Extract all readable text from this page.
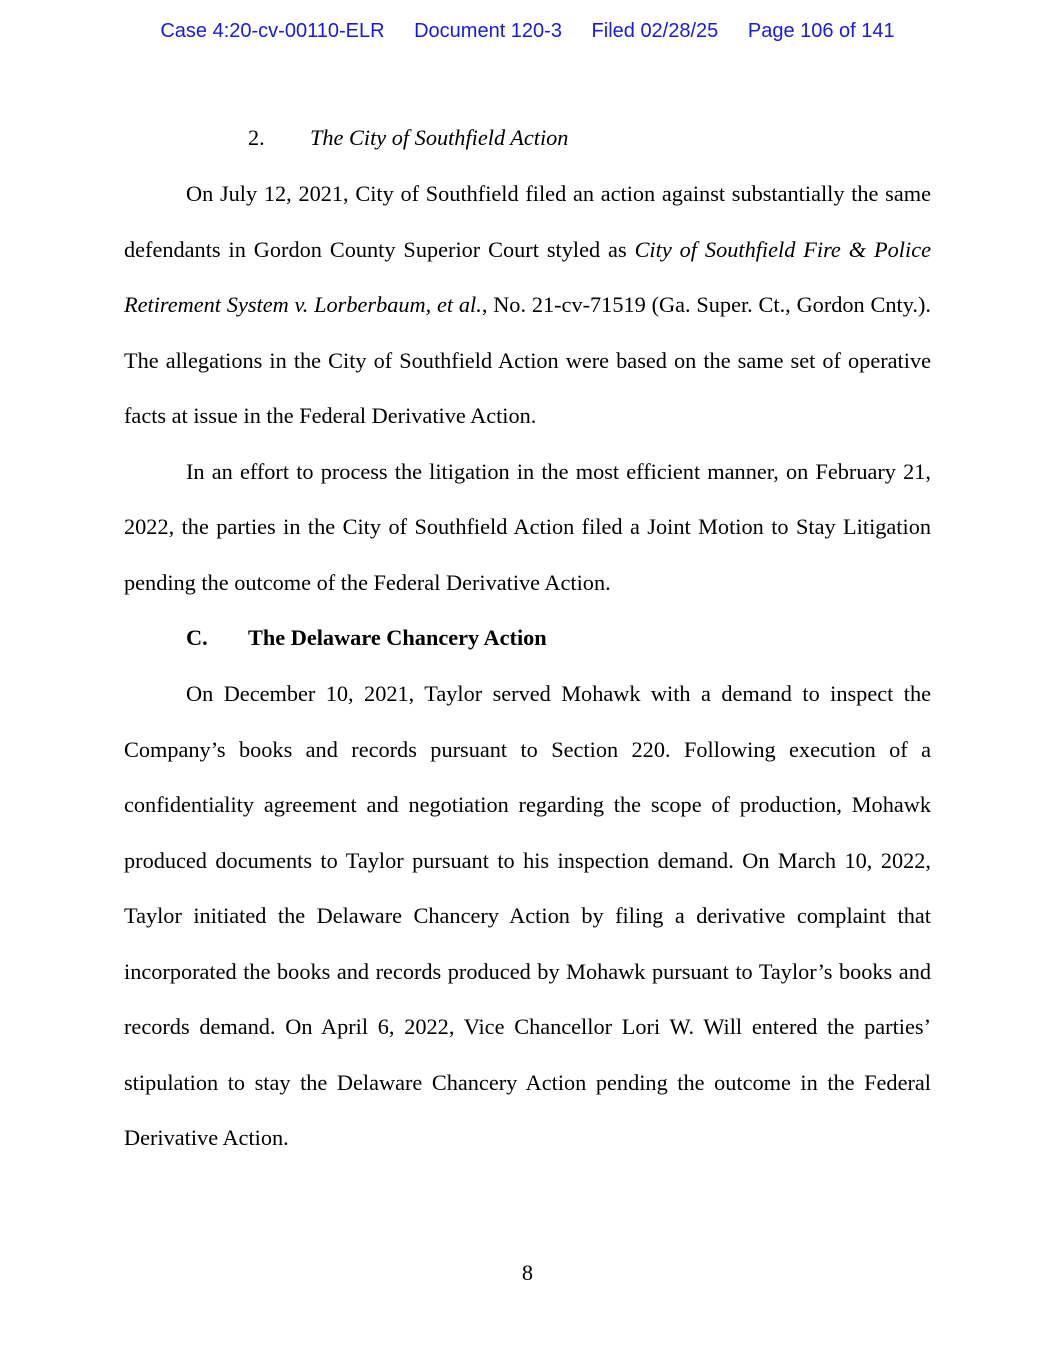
Case 4:20-cv-00110-ELR Document 120-3 Filed 02/28/25 Page 106 of 141
2. The City of Southfield Action

On July 12, 2021, City of Southfield filed an action against substantially the same defendants in Gordon County Superior Court styled as City of Southfield Fire & Police Retirement System v. Lorberbaum, et al., No. 21-cv-71519 (Ga. Super. Ct., Gordon Cnty.). The allegations in the City of Southfield Action were based on the same set of operative facts at issue in the Federal Derivative Action.

In an effort to process the litigation in the most efficient manner, on February 21, 2022, the parties in the City of Southfield Action filed a Joint Motion to Stay Litigation pending the outcome of the Federal Derivative Action.

C. The Delaware Chancery Action

On December 10, 2021, Taylor served Mohawk with a demand to inspect the Company’s books and records pursuant to Section 220. Following execution of a confidentiality agreement and negotiation regarding the scope of production, Mohawk produced documents to Taylor pursuant to his inspection demand. On March 10, 2022, Taylor initiated the Delaware Chancery Action by filing a derivative complaint that incorporated the books and records produced by Mohawk pursuant to Taylor’s books and records demand. On April 6, 2022, Vice Chancellor Lori W. Will entered the parties’ stipulation to stay the Delaware Chancery Action pending the outcome in the Federal Derivative Action.

8
